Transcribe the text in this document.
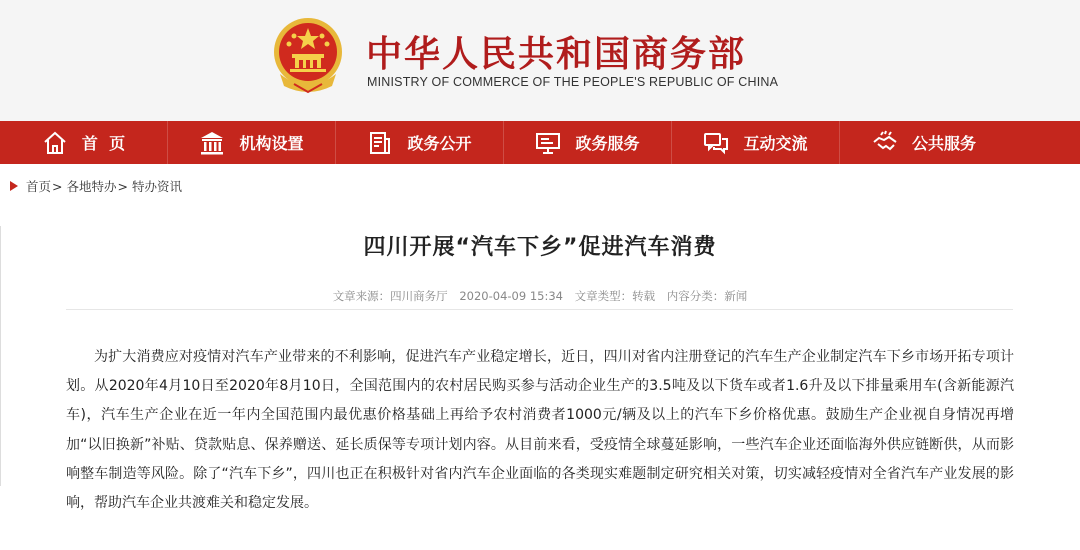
中华人民共和国商务部
MINISTRY OF COMMERCE OF THE PEOPLE'S REPUBLIC OF CHINA
首  页	机构设置	政务公开	政务服务	互动交流	公共服务
首页 > 各地特办 > 特办资讯
四川开展“汽车下乡”促进汽车消费
文章来源：四川商务厅 2020-04-09 15:34 文章类型：转载 内容分类：新闻

为扩大消费应对疫情对汽车产业带来的不利影响，促进汽车产业稳定增长，近日，四川对省内注册登记的汽车生产企业制定汽车下乡市场开拓专项计划。从2020年4月10日至2020年8月10日，全国范围内的农村居民购买参与活动企业生产的3.5吨及以下货车或者1.6升及以下排量乘用车(含新能源汽车)，汽车生产企业在近一年内全国范围内最优惠价格基础上再给予农村消费者1000元/辆及以上的汽车下乡价格优惠。鼓励生产企业视自身情况再增加“以旧换新”补贴、贷款贴息、保养赠送、延长质保等专项计划内容。从目前来看，受疫情全球蔓延影响，一些汽车企业还面临海外供应链断供，从而影响整车制造等风险。除了“汽车下乡”，四川也正在积极针对省内汽车企业面临的各类现实难题制定研究相关对策，切实减轻疫情对全省汽车产业发展的影响，帮助汽车企业共渡难关和稳定发展。
